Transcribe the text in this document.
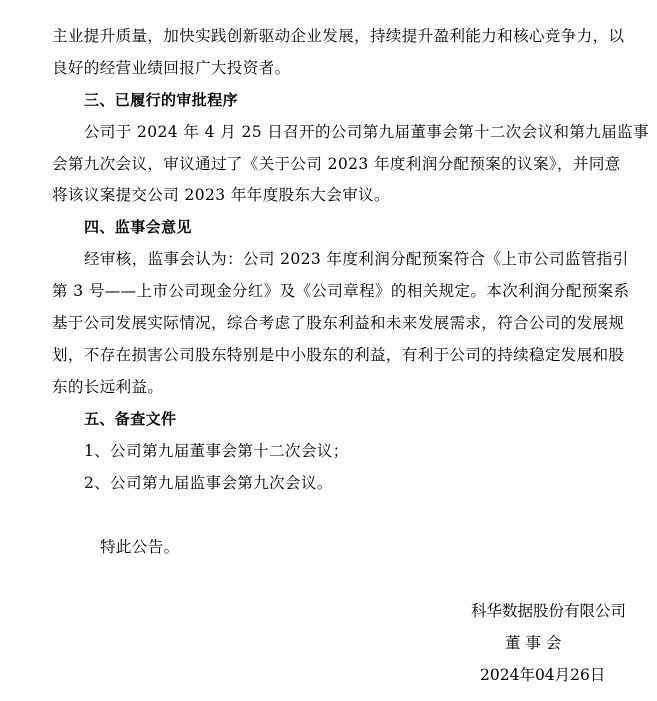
主业提升质量，加快实践创新驱动企业发展，持续提升盈利能力和核心竞争力，以
良好的经营业绩回报广大投资者。
三、已履行的审批程序
公司于 2024 年 4 月 25 日召开的公司第九届董事会第十二次会议和第九届监事
会第九次会议，审议通过了《关于公司 2023 年度利润分配预案的议案》，并同意
将该议案提交公司 2023 年年度股东大会审议。
四、监事会意见
经审核，监事会认为：公司 2023 年度利润分配预案符合《上市公司监管指引
第 3 号——上市公司现金分红》及《公司章程》的相关规定。本次利润分配预案系
基于公司发展实际情况，综合考虑了股东利益和未来发展需求，符合公司的发展规
划，不存在损害公司股东特别是中小股东的利益，有利于公司的持续稳定发展和股
东的长远利益。
五、备查文件
1、公司第九届董事会第十二次会议；
2、公司第九届监事会第九次会议。
特此公告。
科华数据股份有限公司
董 事 会
2024年04月26日
